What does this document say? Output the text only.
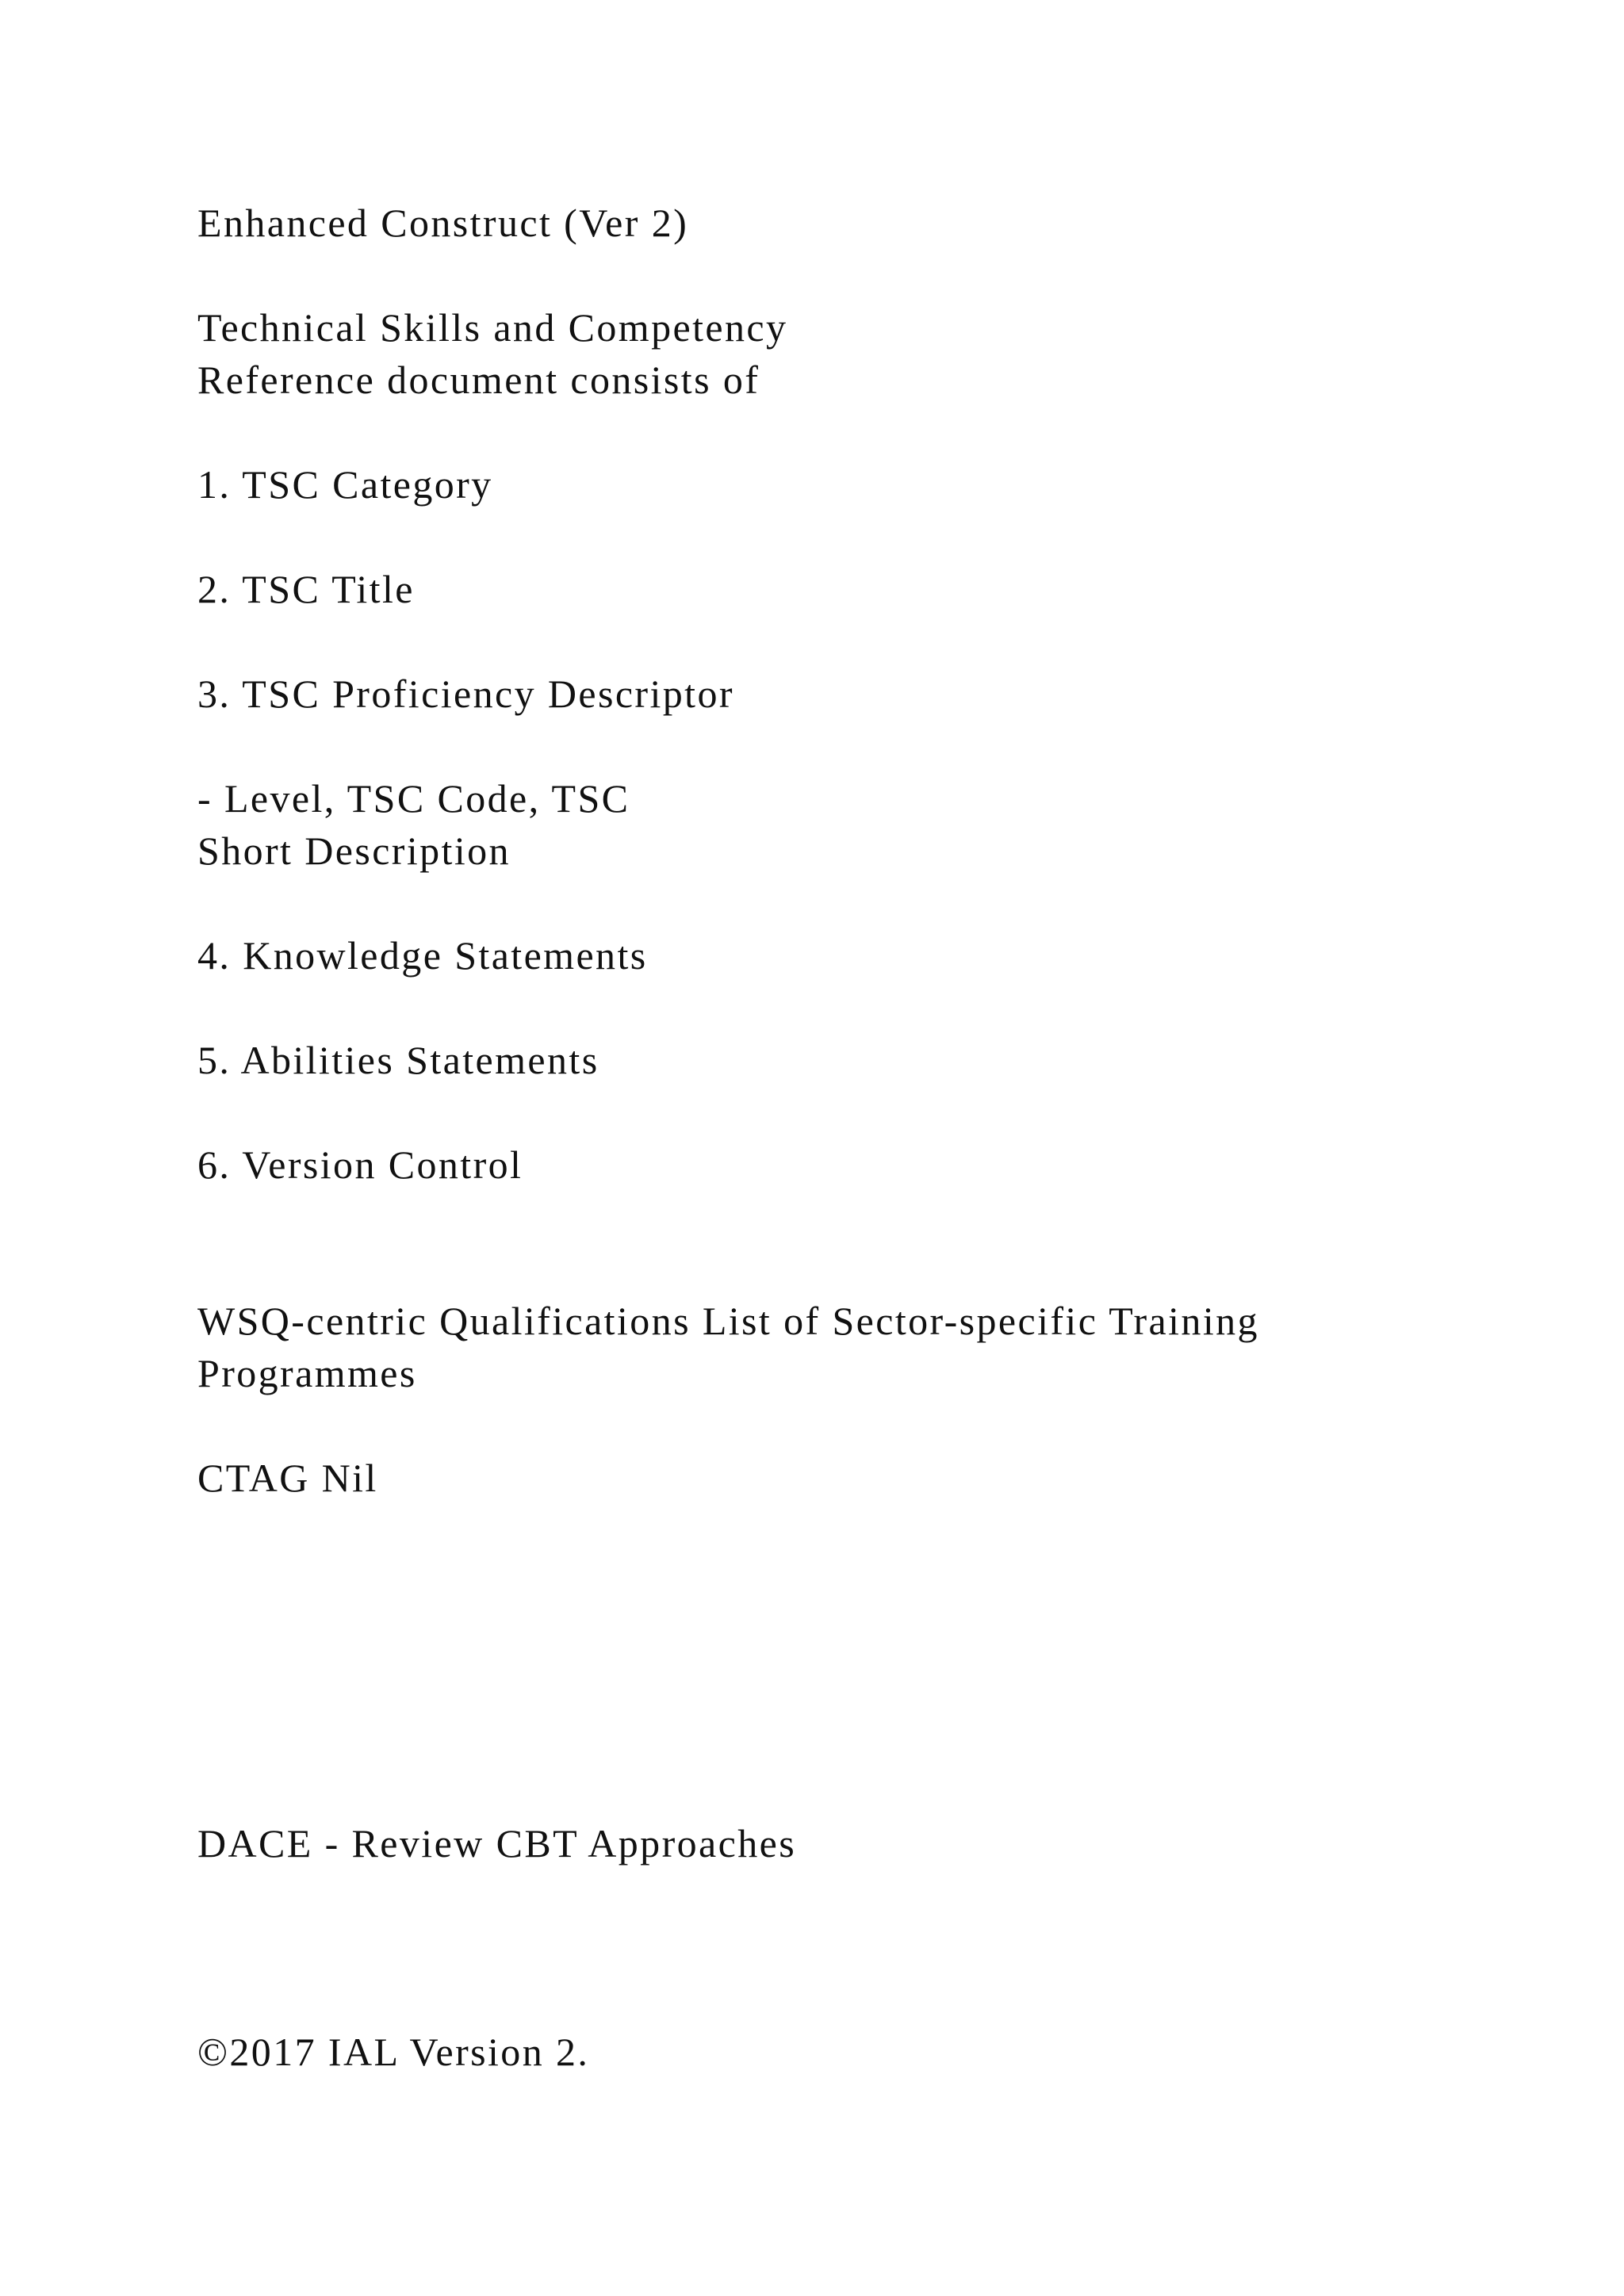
Enhanced Construct (Ver 2)

Technical Skills and Competency

Reference document consists of

1. TSC Category

2. TSC Title

3. TSC Proficiency Descriptor

- Level, TSC Code, TSC

Short Description

4. Knowledge Statements

5. Abilities Statements

6. Version Control

WSQ-centric Qualifications List of Sector-specific Training

Programmes

CTAG Nil

DACE - Review CBT Approaches

©2017 IAL Version 2.
